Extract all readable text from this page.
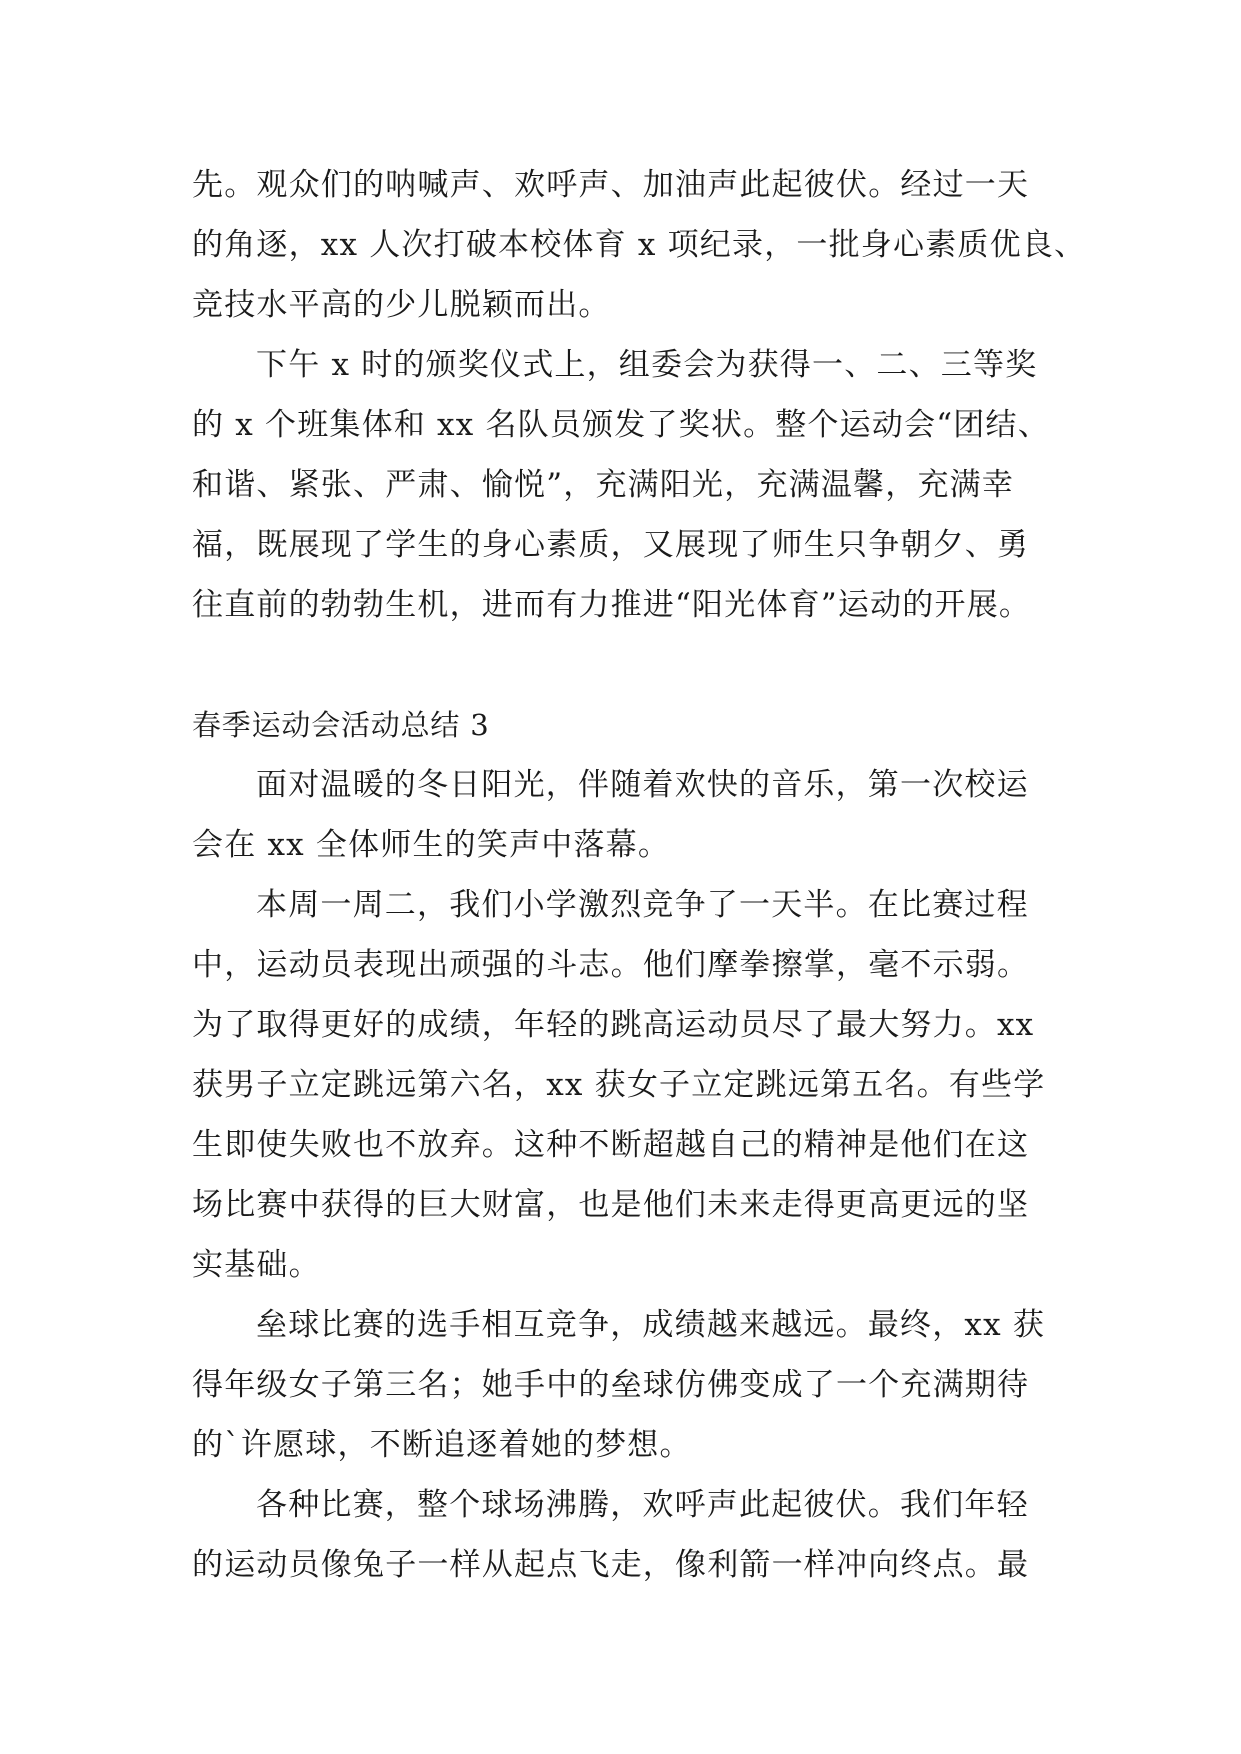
先。观众们的呐喊声、欢呼声、加油声此起彼伏。经过一天
的角逐，xx 人次打破本校体育 x 项纪录，一批身心素质优良、
竞技水平高的少儿脱颖而出。
下午 x 时的颁奖仪式上，组委会为获得一、二、三等奖
的 x 个班集体和 xx 名队员颁发了奖状。整个运动会“团结、
和谐、紧张、严肃、愉悦”，充满阳光，充满温馨，充满幸
福，既展现了学生的身心素质，又展现了师生只争朝夕、勇
往直前的勃勃生机，进而有力推进“阳光体育”运动的开展。
春季运动会活动总结 3
面对温暖的冬日阳光，伴随着欢快的音乐，第一次校运
会在 xx 全体师生的笑声中落幕。
本周一周二，我们小学激烈竞争了一天半。在比赛过程
中，运动员表现出顽强的斗志。他们摩拳擦掌，毫不示弱。
为了取得更好的成绩，年轻的跳高运动员尽了最大努力。xx
获男子立定跳远第六名，xx 获女子立定跳远第五名。有些学
生即使失败也不放弃。这种不断超越自己的精神是他们在这
场比赛中获得的巨大财富，也是他们未来走得更高更远的坚
实基础。
垒球比赛的选手相互竞争，成绩越来越远。最终，xx 获
得年级女子第三名；她手中的垒球仿佛变成了一个充满期待
的`许愿球，不断追逐着她的梦想。
各种比赛，整个球场沸腾，欢呼声此起彼伏。我们年轻
的运动员像兔子一样从起点飞走，像利箭一样冲向终点。最
